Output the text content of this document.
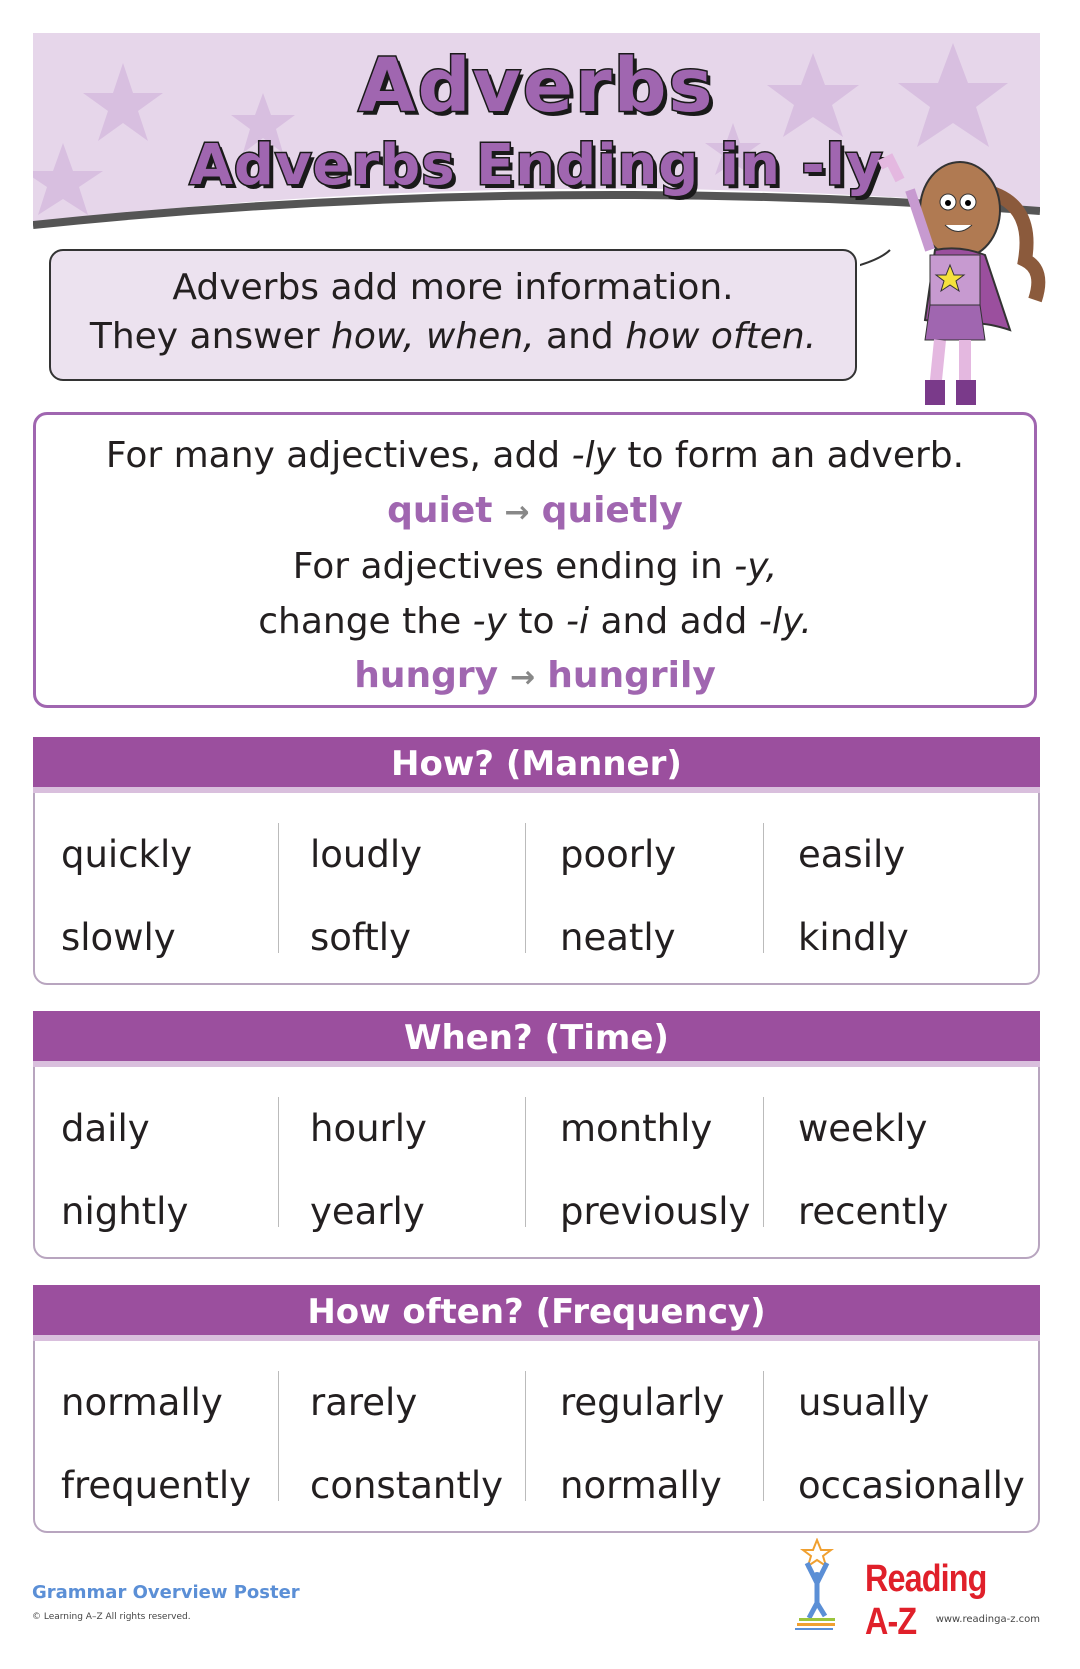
Adverbs
Adverbs Ending in -ly
Adverbs add more information.
They answer how, when, and how often.
For many adjectives, add -ly to form an adverb.
quiet → quietly
For adjectives ending in -y,
change the -y to -i and add -ly.
hungry → hungrily
How? (Manner)
quickly	loudly	poorly	easily
slowly	softly	neatly	kindly
When? (Time)
daily	hourly	monthly weekly
nightly	yearly	previously recently
How often? (Frequency)
normally rarely	regularly usually
frequently constantly normally occasionally
Grammar Overview Poster
© Learning A–Z All rights reserved.
Reading A-Z	www.readinga-z.com
